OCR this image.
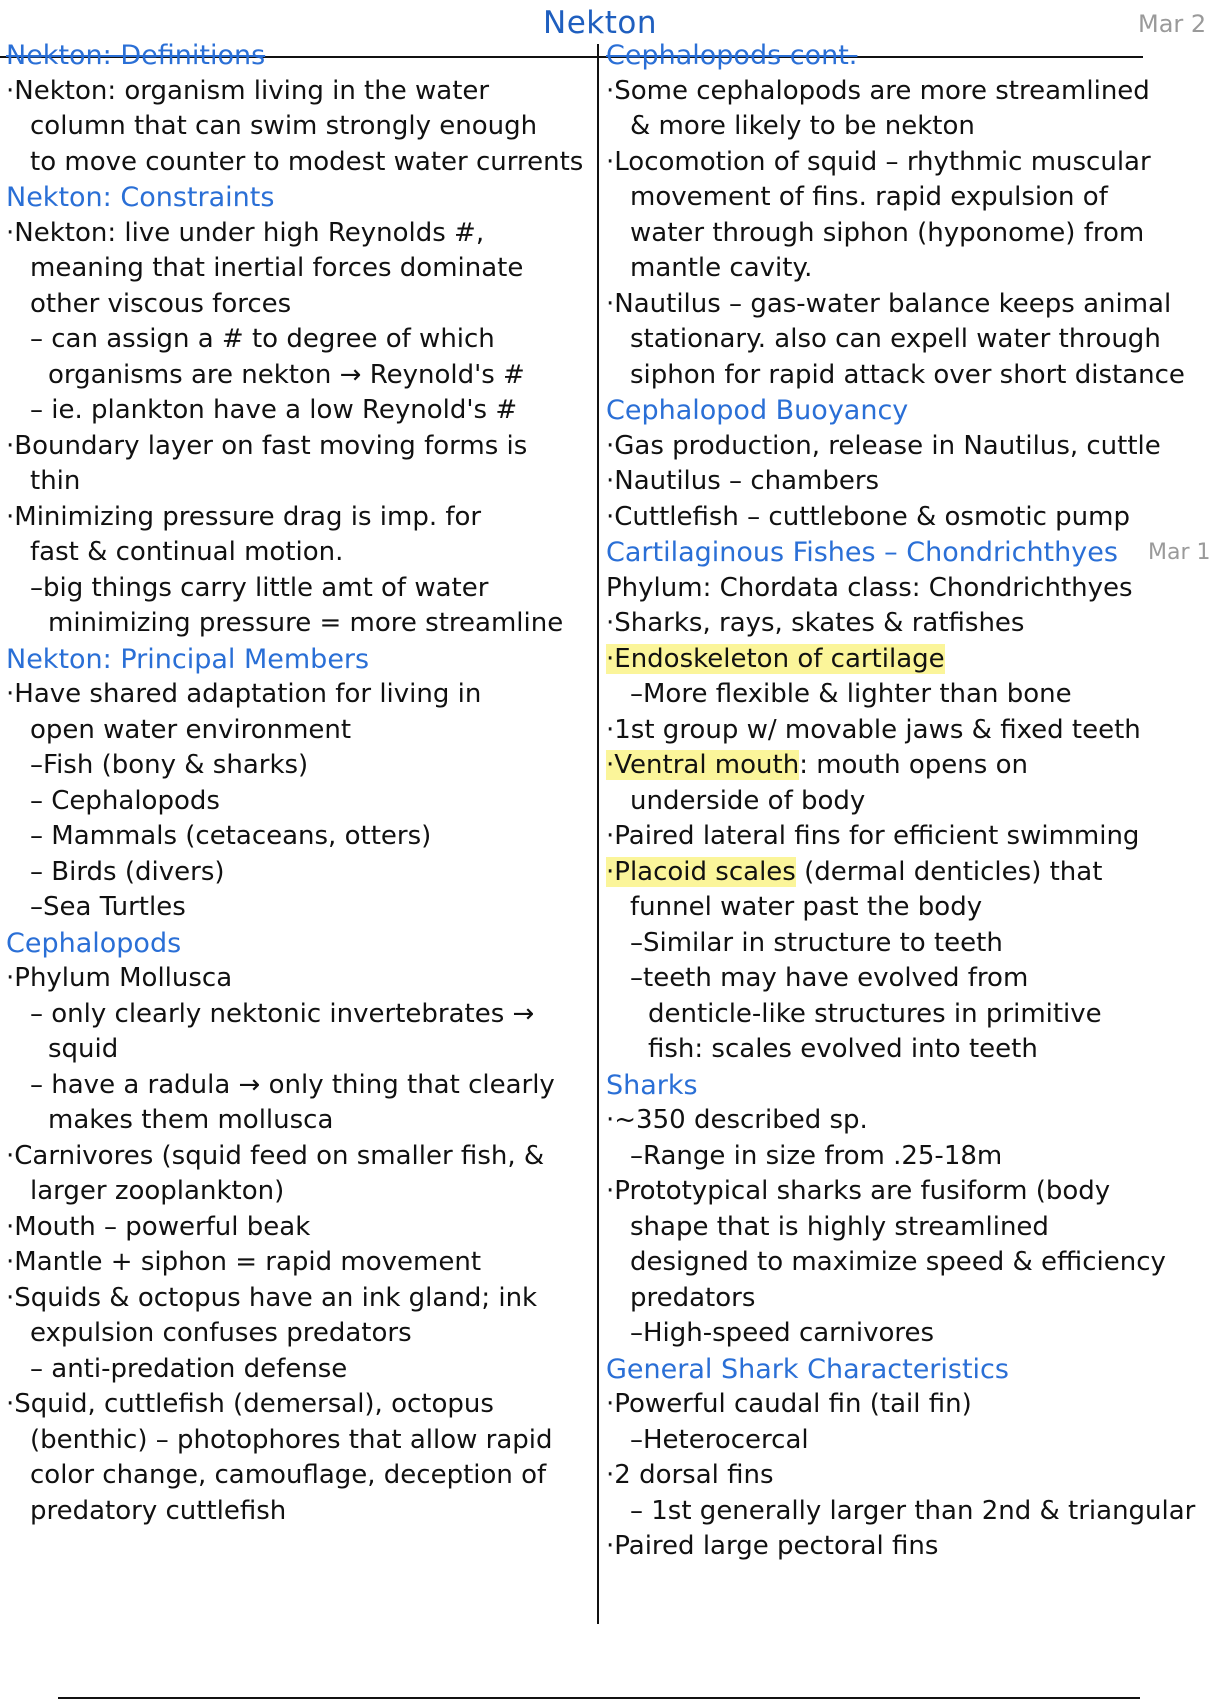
Nekton	Mar 2
Nekton: Definitions
·Nekton: organism living in the water
column that can swim strongly enough
to move counter to modest water currents
Nekton: Constraints
·Nekton: live under high Reynolds #,
meaning that inertial forces dominate
other viscous forces
– can assign a # to degree of which
organisms are nekton → Reynold's #
– ie. plankton have a low Reynold's #
·Boundary layer on fast moving forms is
thin
·Minimizing pressure drag is imp. for
fast & continual motion.
–big things carry little amt of water
minimizing pressure = more streamline
Nekton: Principal Members
·Have shared adaptation for living in
open water environment
–Fish (bony & sharks)
– Cephalopods
– Mammals (cetaceans, otters)
– Birds (divers)
–Sea Turtles
Cephalopods
·Phylum Mollusca
– only clearly nektonic invertebrates →
squid
– have a radula → only thing that clearly
makes them mollusca
·Carnivores (squid feed on smaller fish, &
larger zooplankton)
·Mouth – powerful beak
·Mantle + siphon = rapid movement
·Squids & octopus have an ink gland; ink
expulsion confuses predators
– anti-predation defense
·Squid, cuttlefish (demersal), octopus
(benthic) – photophores that allow rapid
color change, camouflage, deception of
predatory cuttlefish
Cephalopods cont.
·Some cephalopods are more streamlined
& more likely to be nekton
·Locomotion of squid – rhythmic muscular
movement of fins. rapid expulsion of
water through siphon (hyponome) from
mantle cavity.
·Nautilus – gas-water balance keeps animal
stationary. also can expell water through
siphon for rapid attack over short distance
Cephalopod Buoyancy
·Gas production, release in Nautilus, cuttle
·Nautilus – chambers
·Cuttlefish – cuttlebone & osmotic pump
Cartilaginous Fishes – Chondrichthyes Mar 1
Phylum: Chordata class: Chondrichthyes
·Sharks, rays, skates & ratfishes
·Endoskeleton of cartilage
–More flexible & lighter than bone
·1st group w/ movable jaws & fixed teeth
·Ventral mouth: mouth opens on
underside of body
·Paired lateral fins for efficient swimming
·Placoid scales (dermal denticles) that
funnel water past the body
–Similar in structure to teeth
–teeth may have evolved from
denticle-like structures in primitive
fish: scales evolved into teeth
Sharks
·~350 described sp.
–Range in size from .25-18m
·Prototypical sharks are fusiform (body
shape that is highly streamlined
designed to maximize speed & efficiency
predators
–High-speed carnivores
General Shark Characteristics
·Powerful caudal fin (tail fin)
–Heterocercal
·2 dorsal fins
– 1st generally larger than 2nd & triangular
·Paired large pectoral fins
